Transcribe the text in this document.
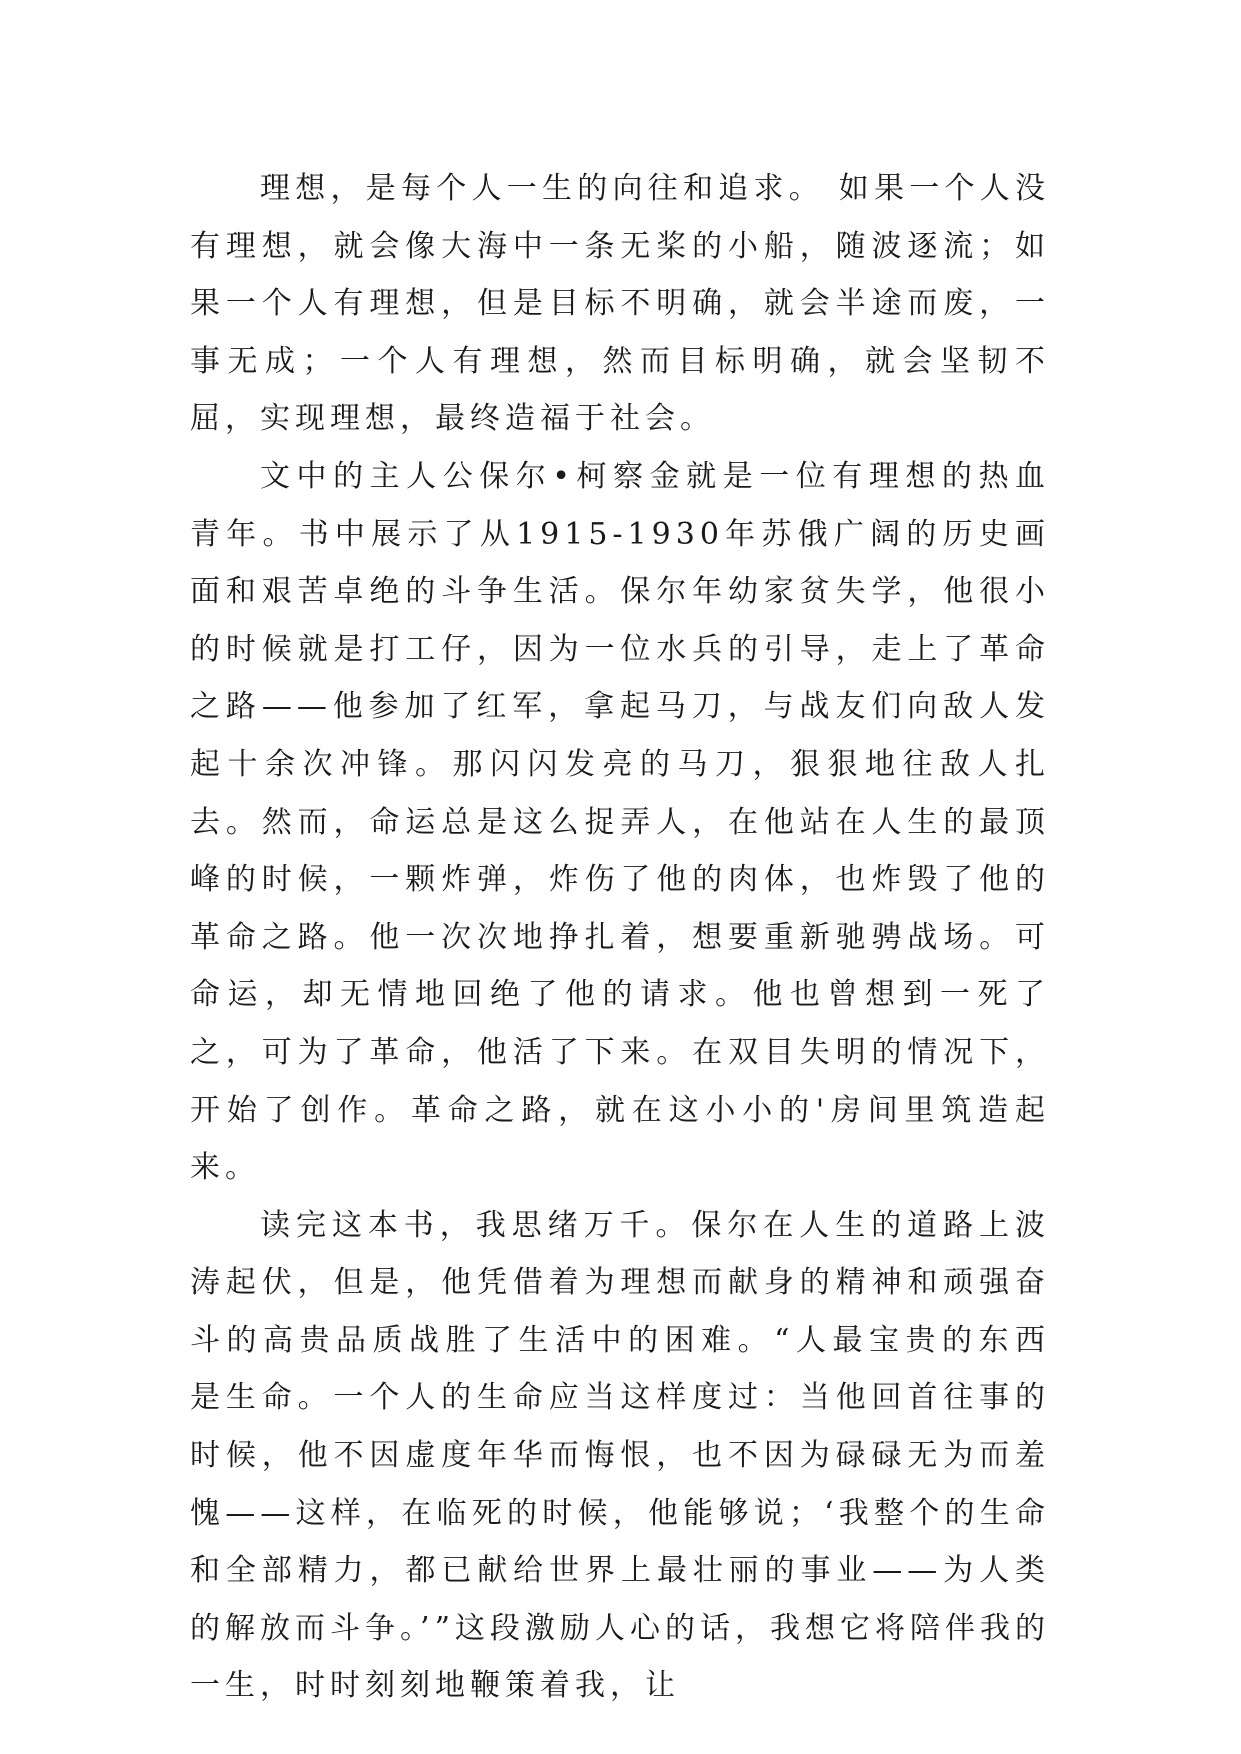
理想，是每个人一生的向往和追求。 如果一个人没有理想，就会像大海中一条无桨的小船，随波逐流；如果一个人有理想，但是目标不明确，就会半途而废，一事无成；一个人有理想，然而目标明确，就会坚韧不屈，实现理想，最终造福于社会。

文中的主人公保尔•柯察金就是一位有理想的热血青年。书中展示了从1915-1930年苏俄广阔的历史画面和艰苦卓绝的斗争生活。保尔年幼家贫失学，他很小的时候就是打工仔，因为一位水兵的引导，走上了革命之路——他参加了红军，拿起马刀，与战友们向敌人发起十余次冲锋。那闪闪发亮的马刀，狠狠地往敌人扎去。然而，命运总是这么捉弄人，在他站在人生的最顶峰的时候，一颗炸弹，炸伤了他的肉体，也炸毁了他的革命之路。他一次次地挣扎着，想要重新驰骋战场。可命运，却无情地回绝了他的请求。他也曾想到一死了之，可为了革命，他活了下来。在双目失明的情况下，开始了创作。革命之路，就在这小小的'房间里筑造起来。

读完这本书，我思绪万千。保尔在人生的道路上波涛起伏，但是，他凭借着为理想而献身的精神和顽强奋斗的高贵品质战胜了生活中的困难。“人最宝贵的东西是生命。一个人的生命应当这样度过：当他回首往事的时候，他不因虚度年华而悔恨，也不因为碌碌无为而羞愧——这样，在临死的时候，他能够说；‘我整个的生命和全部精力，都已献给世界上最壮丽的事业——为人类的解放而斗争。’”这段激励人心的话，我想它将陪伴我的一生，时时刻刻地鞭策着我，让
